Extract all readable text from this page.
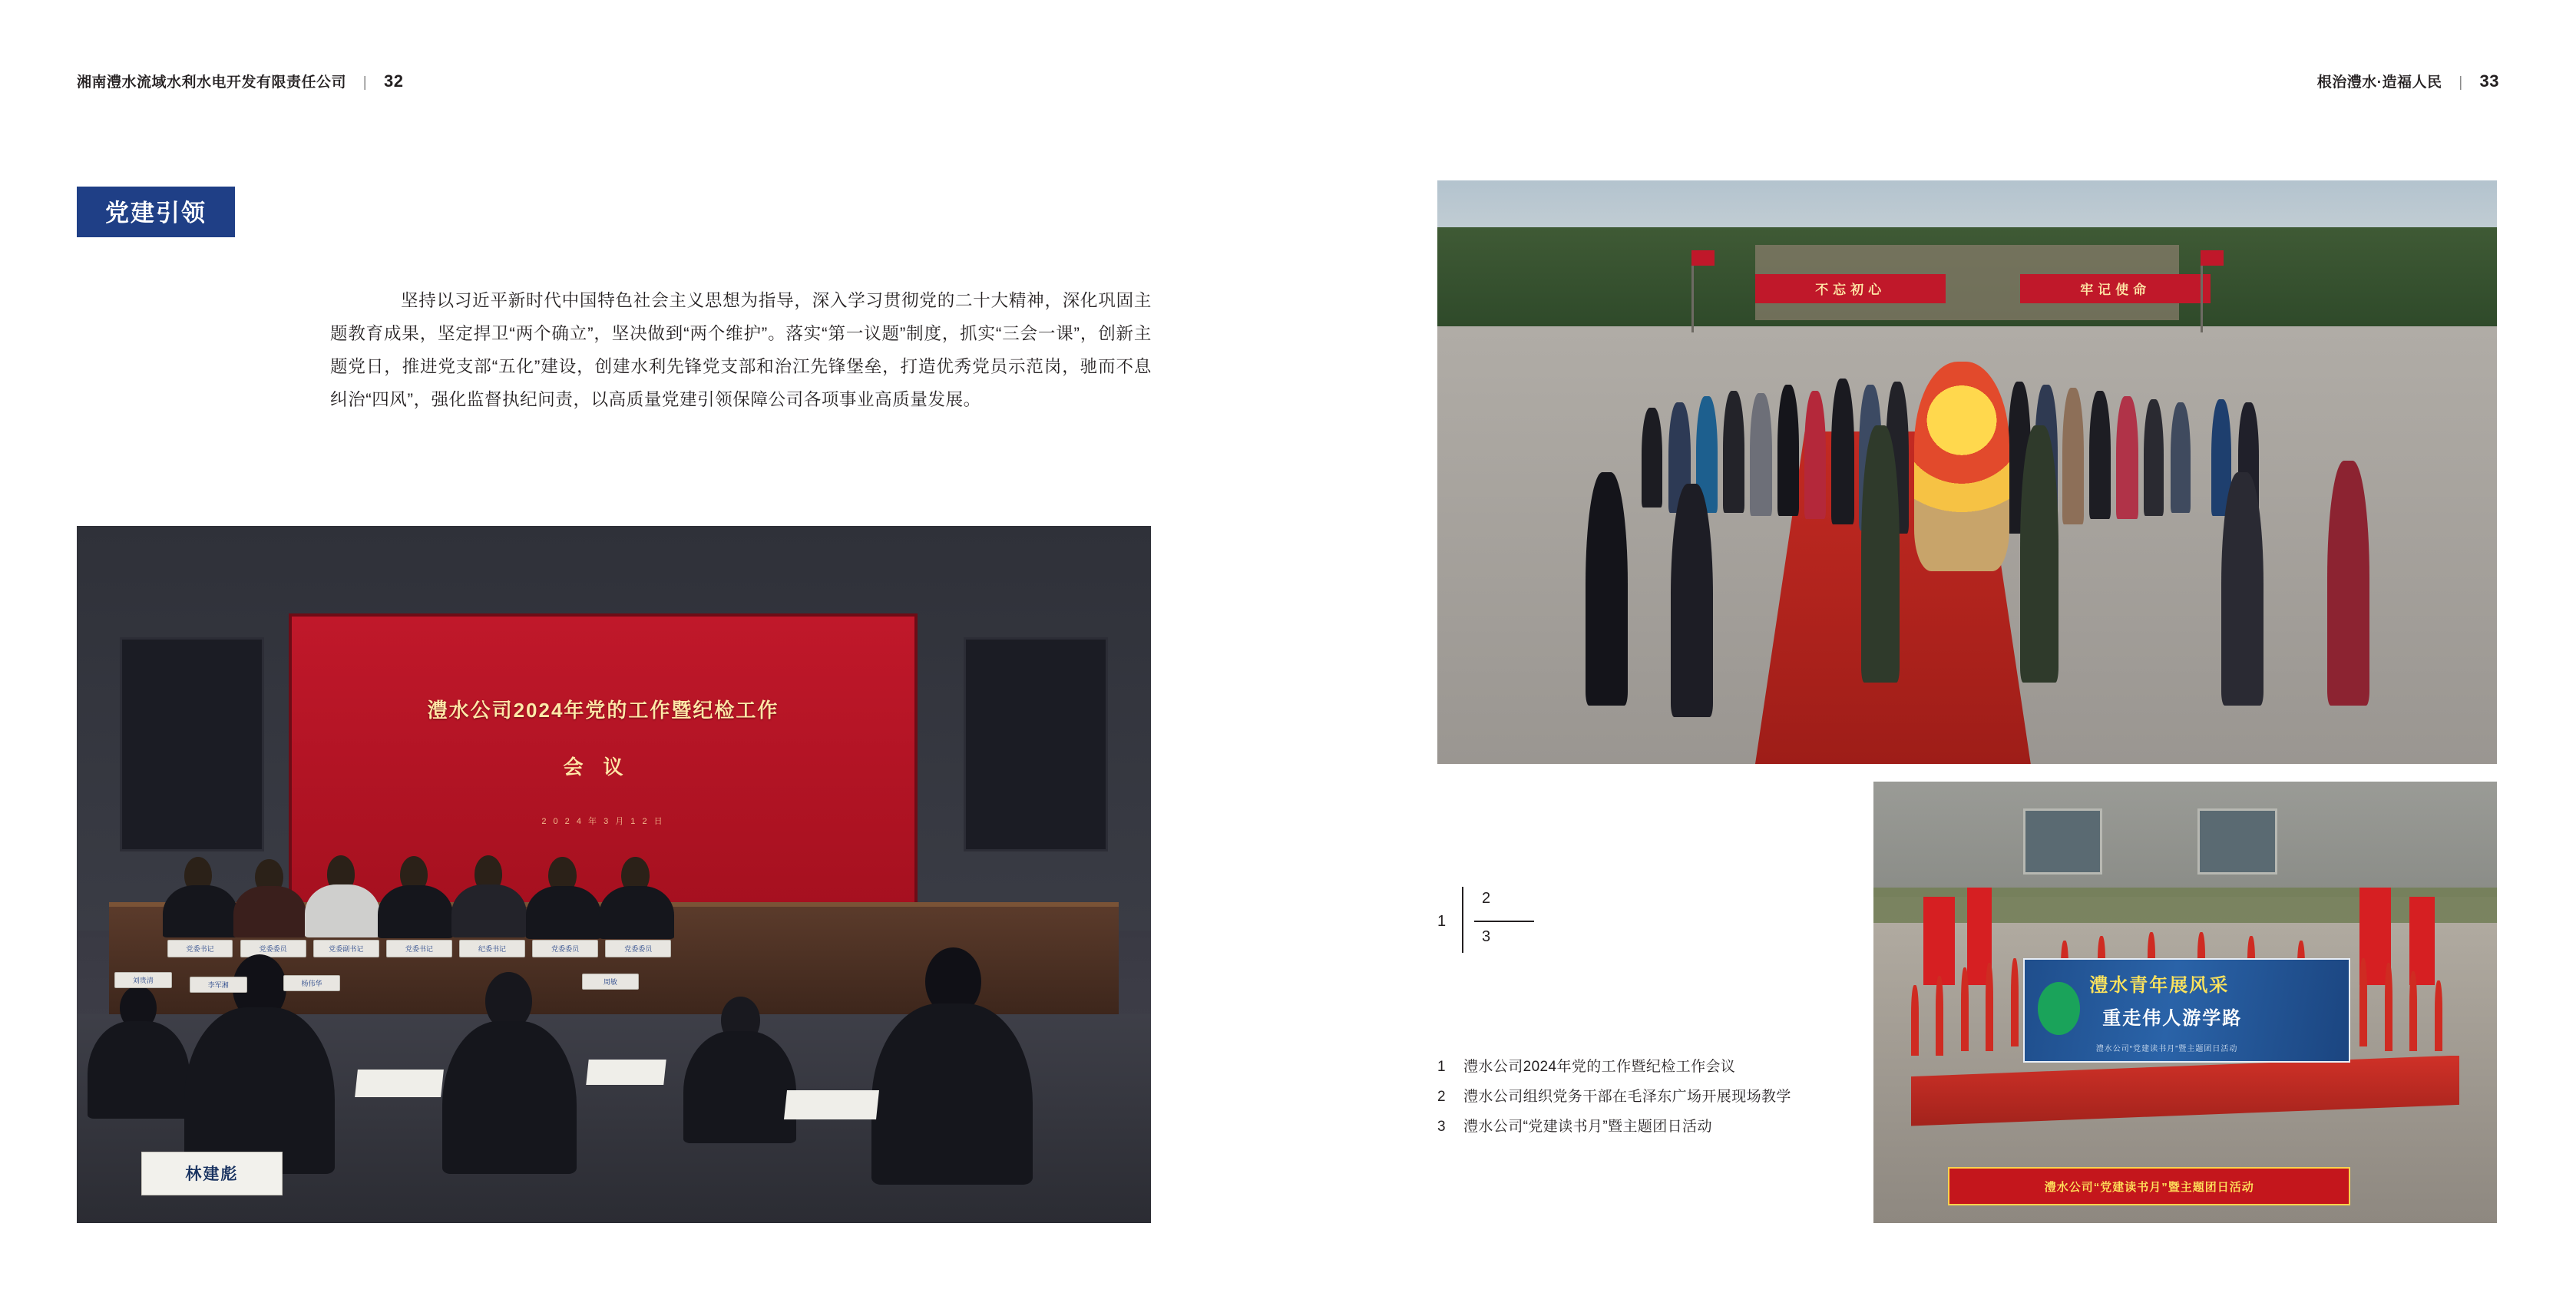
湘南澧水流域水利水电开发有限责任公司 | 32	根治澧水·造福人民 | 33
党建引领
坚持以习近平新时代中国特色社会主义思想为指导，深入学习贯彻党的二十大精神，深化巩固主题教育成果，坚定捍卫“两个确立”，坚决做到“两个维护”。落实“第一议题”制度，抓实“三会一课”，创新主题党日，推进党支部“五化”建设，创建水利先锋党支部和治江先锋堡垒，打造优秀党员示范岗，驰而不息纠治“四风”，强化监督执纪问责，以高质量党建引领保障公司各项事业高质量发展。
澧水公司2024年党的工作暨纪检工作
会议
2 0 2 4 年 3 月 1 2 日
党委书记	党委委员	党委副书记	党委书记	纪委书记	党委委员	党委委员
刘贵清
李军湘	杨伟华	周敏
林建彪
不忘初心	牢记使命
澧水青年展风采
重走伟人游学路
澧水公司“党建读书月”暨主题团日活动
澧水公司“党建读书月”暨主题团日活动
1
2
3
1	澧水公司2024年党的工作暨纪检工作会议
2	澧水公司组织党务干部在毛泽东广场开展现场教学
3	澧水公司“党建读书月”暨主题团日活动
